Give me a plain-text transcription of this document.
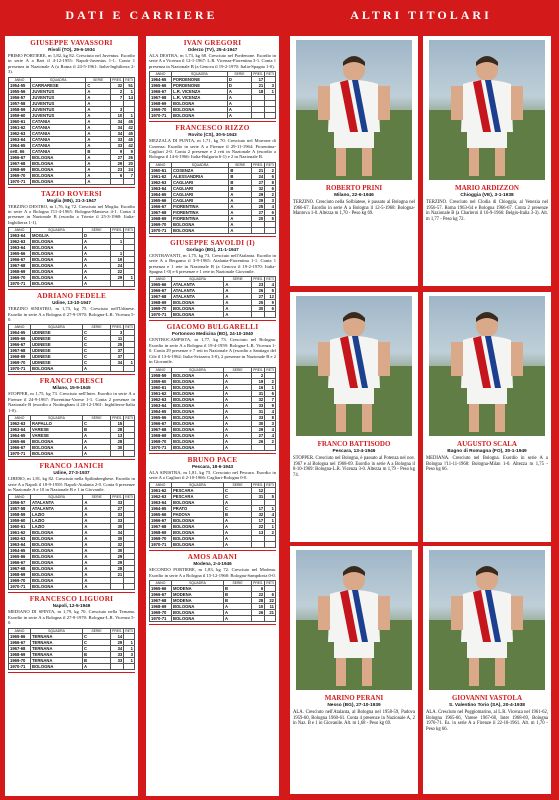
DATI E CARRIERE	ALTRI TITOLARI
GIUSEPPE VAVASSORI
Rivoli (TO), 29-6-1934
PRIMO PORTIERE, m 1,82, kg 82. Cresciuto nel Juventus. Esordio in serie A a Bari il 4-12-1955: Napoli-Juventus 1-1. Conta 1 presenza in Nazionale A (a Roma il 24-5-1961: Italia-Inghilterra 2-3).
ANNO	SQUADRA	SERIE	PRES.	RETI
1954-55	CARRARESE	C	32	51
1955-56	JUVENTUS	A	2	1
1956-57	JUVENTUS	A	7	14
1957-58	JUVENTUS	A		
1958-59	JUVENTUS	A	3	
1959-60	JUVENTUS	A	10	1
1960-61	CATANIA	A	34	45
1961-62	CATANIA	A	34	42
1962-63	CATANIA	A	34	45
1963-64	CATANIA	A	33	45
1964-65	CATANIA	A	33	42
sett. 66	CATANIA	B	9	9
1966-67	BOLOGNA	A	27	26
1967-68	BOLOGNA	A	29	20
1968-69	BOLOGNA	A	23	24
1969-70	BOLOGNA	A	6	7
1970-71	BOLOGNA	A		
TAZIO ROVERSI
Moglia (MN), 21-3-1947
TERZINO DESTRO, m 1,76, kg 72. Cresciuto nel Moglia. Esordio in serie A a Bologna l'11-4-1965: Bologna-Mantova 4-1. Conta 4 presenze in Nazionale B (esordio a Trieste il 25-3-1968: Italia-Inghilterra 1-1).
ANNO	SQUADRA	SERIE	PRES.	RETI
1963-64	MOGLIA	D		
1962-63	BOLOGNA	A	1	
1963-64	BOLOGNA	A		
1965-66	BOLOGNA	A	1	
1966-67	BOLOGNA	A	19	
1967-68	BOLOGNA	A	24	
1968-69	BOLOGNA	A	22	
1969-70	BOLOGNA	A	29	1
1970-71	BOLOGNA	A		
ADRIANO FEDELE
Udine, 13-10-1947
TERZINO SINISTRO, m 1,73, kg 75. Cresciuto nell'Udinese. Esordio in serie A a Bologna il 27-9-1970: Bologna-L.R. Vicenza 5-0.
ANNO	SQUADRA	SERIE	PRES.	RETI
1964-65	UDINESE	C	3	
1965-66	UDINESE	C	11	
1966-67	UDINESE	C	25	
1967-68	UDINESE	C	37	
1968-69	UDINESE	C	37	
1969-70	UDINESE	C	34	1
1970-71	BOLOGNA	A		
FRANCO CRESCI
Milano, 15-9-1945
STOPPER, m 1,75, kg 73. Cresciuto nell'Inter. Esordio in serie A a Firenze il 24-9-1967: Fiorentina-Varese 1-1. Conta 2 presenze in Nazionale B (esordio a Nottingham il 20-12-1961: Inghilterra-Italia 1-0).
ANNO	SQUADRA	SERIE	PRES.	RETI
1962-63	RAPALLO	C	15	
1963-64	VARESE	B	28	
1964-65	VARESE	A	13	
1965-66	BOLOGNA	A	28	
1966-67	BOLOGNA	A	30	
1970-71	BOLOGNA	A		
FRANCO JANICH
Udine, 27-3-1937
LIBERO, m 1,81, kg 82. Cresciuto nella Spilimberghese. Esordio in serie A a Napoli il 18-9-1958: Napoli-Atalanta 2-0. Conta 6 presenze in Nazionale A e 10 in Nazionale B e 1 in Giovanile.
ANNO	SQUADRA	SERIE	PRES.	RETI
1956-57	ATALANTA	A	33	
1957-58	ATALANTA	A	27	
1958-59	LAZIO	A	33	
1959-60	LAZIO	A	33	
1960-61	LAZIO	A	30	
1961-62	BOLOGNA	A	34	
1962-63	BOLOGNA	A	30	
1963-64	BOLOGNA	A	32	
1964-65	BOLOGNA	A	30	
1965-66	BOLOGNA	A	29	
1966-67	BOLOGNA	A	29	
1967-68	BOLOGNA	A	28	
1968-69	BOLOGNA	A	21	
1969-70	BOLOGNA	A		
1970-71	BOLOGNA	A		
FRANCESCO LIGUORI
Napoli, 12-5-1946
MEDIANO DI SPINTA, m 1,79, kg 70. Cresciuto nella Ternana. Esordio in serie A a Bologna il 27-9-1970: Bologna-L.R. Vicenza 5-0.
ANNO	SQUADRA	SERIE	PRES.	RETI
1965-66	TERNANA	C	14	
1966-67	TERNANA	C	29	1
1967-68	TERNANA	C	34	1
1968-69	TERNANA	B	33	3
1969-70	TERNANA	B	33	1
1970-71	BOLOGNA	A		
IVAN GREGORI
Oderzo (TV), 25-4-1947
ALA DESTRA, m 1,73, kg 68. Cresciuto nel Pordenone. Esordio in serie A a Vicenza il 12-1-1967: L.R. Vicenza-Fiorentina 3-1. Conta 1 presenza in Nazionale B (a Genova il 19-2-1970: Italia-Spagna 1-0).
ANNO	SQUADRA	SERIE	PRES.	RETI
1964-65	PORDENONE	D	17	
1965-66	PORDENONE	D	21	3
1966-67	L.R. VICENZA	A	18	1
1967-68	L.R. VICENZA	A		
1968-69	BOLOGNA	A		
1969-70	BOLOGNA	A		
1970-71	BOLOGNA	A		
FRANCESCO RIZZO
Rovito (CS), 30-5-1943
MEZZALA DI PUNTA, m 1,71, kg 70. Cresciuto nel Morrone di Cosenza. Esordio in serie A a Firenze il 29-11-1964: Fiorentina-Cagliari 2-0. Conta 2 presenze e 2 reti in Nazionale A (esordio a Bologna il 14-6-1966: Italia-Bulgaria 6-1) e 2 in Nazionale B.
ANNO	SQUADRA	SERIE	PRES.	RETI
1960-61	COSENZA	B	21	2
1961-62	ALESSANDRIA	B	24	6
1962-63	CAGLIARI	B	27	8
1963-64	CAGLIARI	B	32	6
1964-65	CAGLIARI	A	29	2
1965-66	CAGLIARI	A	29	3
1966-67	FIORENTINA	A	25	4
1967-68	FIORENTINA	A	27	6
1968-69	FIORENTINA	A	20	5
1969-70	BOLOGNA	A		
1970-71	BOLOGNA	A		
GIUSEPPE SAVOLDI (I)
Gorlago (BG), 21-1-1947
CENTRAVANTI, m 1,75, kg 73. Cresciuto nell'Atalanta. Esordio in serie A a Bergamo il 3-9-1965: Atalanta-Fiorentina 1-1. Conta 1 presenza e 1 rete in Nazionale B (a Genova il 19-2-1970: Italia-Spagna 1-0) e 6 presenze e 1 rete in Nazionale Giovanile.
ANNO	SQUADRA	SERIE	PRES.	RETI
1965-66	ATALANTA	A	23	4
1966-67	ATALANTA	A	26	5
1967-68	ATALANTA	A	27	12
1968-69	BOLOGNA	A	25	9
1969-70	BOLOGNA	A	30	6
1970-71	BOLOGNA	A		
GIACOMO BULGARELLI
Portonovo Medicina (BO), 24-10-1940
CENTROCAMPISTA, m 1,77, kg 73. Cresciuto nel Bologna. Esordio in serie A a Bologna il 19-4-1959: Bologna-L.R. Vicenza 1-0. Conta 29 presenze e 7 reti in Nazionale A (esordio a Santiago del Cile il 13-6-1962: Italia-Svizzera 3-0), 2 presenze in Nazionale B e 2 in Giovanile.
ANNO	SQUADRA	SERIE	PRES.	RETI
1958-59	BOLOGNA	A	2	
1959-60	BOLOGNA	A	19	2
1960-61	BOLOGNA	A	16	1
1961-62	BOLOGNA	A	31	6
1962-63	BOLOGNA	A	32	7
1963-64	BOLOGNA	A	33	9
1964-65	BOLOGNA	A	31	4
1965-66	BOLOGNA	A	33	8
1966-67	BOLOGNA	A	30	3
1967-68	BOLOGNA	A	29	4
1968-69	BOLOGNA	A	27	4
1969-70	BOLOGNA	A	26	2
1970-71	BOLOGNA	A		
BRUNO PACE
Pescara, 18-6-1943
ALA SINISTRA, m 1,81, kg 75. Cresciuto nel Pescara. Esordio in serie A a Cagliari il 2-10-1966: Cagliari-Bologna 0-0.
ANNO	SQUADRA	SERIE	PRES.	RETI
1961-62	PESCARA	C	12	
1962-63	PESCARA	C	31	5
1963-64	BOLOGNA	A		
1964-65	PRATO	C	17	1
1965-66	PADOVA	B	32	4
1966-67	BOLOGNA	A	17	1
1967-68	BOLOGNA	A	22	1
1968-69	BOLOGNA	A	13	2
1969-70	BOLOGNA	A		
1970-71	BOLOGNA	A		
AMOS ADANI
Modena, 2-4-1946
SECONDO PORTIERE, m 1,83, kg 72. Cresciuto nel Modena. Esordio in serie A a Bologna il 15-12-1968: Bologna-Sampdoria 0-0.
ANNO	SQUADRA	SERIE	PRES.	RETI
1965-66	MODENA	B	6	
1966-67	MODENA	B	22	6
1967-68	MODENA	B	28	22
1968-69	BOLOGNA	A	10	11
1969-70	BOLOGNA	A	26	21
1970-71	BOLOGNA	A		
ROBERTO PRINI
Milano, 22-6-1946
TERZINO. Cresciuto nella Solbiatese, è passato al Bologna nel 1966-67. Esordio in serie A a Bologna il 12-5-1968: Bologna-Mantova 1-0. Altezza m 1,70 - Peso kg 69.
MARIO ARDIZZON
Chioggia (VE), 3-1-1938
TERZINO. Cresciuto nel Clodia di Chioggia, al Venezia nel 1956-57. Roma 1963-64 e Bologna 1966-67. Conta 2 presenze in Nazionale B (a Charleroi il 16-9-1966: Belgio-Italia 3-3). Alt. m 1,77 - Peso kg 72.
FRANCO BATTISODO
Pescara, 13-4-1946
STOPPER. Cresciuto nel Bologna, è passato al Potenza nel nov. 1967 e al Bologna nel 1968-69. Esordio in serie A a Bologna il 8-10-1969: Bologna-L.R. Vicenza 3-0. Altezza m 1,79 - Peso kg 74.
AUGUSTO SCALA
Bagno di Romagna (FO), 30-1-1949
MEDIANA. Cresciuto nel Bologna. Esordio in serie A a Bologna l'11-11-1968: Bologna-Milan 1-0. Altezza m 1,75 - Peso kg 66.
MARINO PERANI
Nesso (BG), 27-10-1939
ALA. Cresciuto nell'Atalanta, al Bologna nel 1958-59, Padova 1959-60, Bologna 1960-61. Conta 4 presenze in Nazionale A, 2 in Naz. B e 1 in Giovanile. Alt. m 1,68 - Peso kg 69.
GIOVANNI VASTOLA
S. Valentino Torio (SA), 20-4-1938
ALA. Cresciuto nel Poggiomarino, al L.R. Vicenza nel 1961-62, Bologna 1965-66, Varese 1967-68, Inter 1968-69, Bologna 1970-71. Es. in serie A a Firenze il 22-10-1961. Alt. m 1,70 - Peso kg 66.
